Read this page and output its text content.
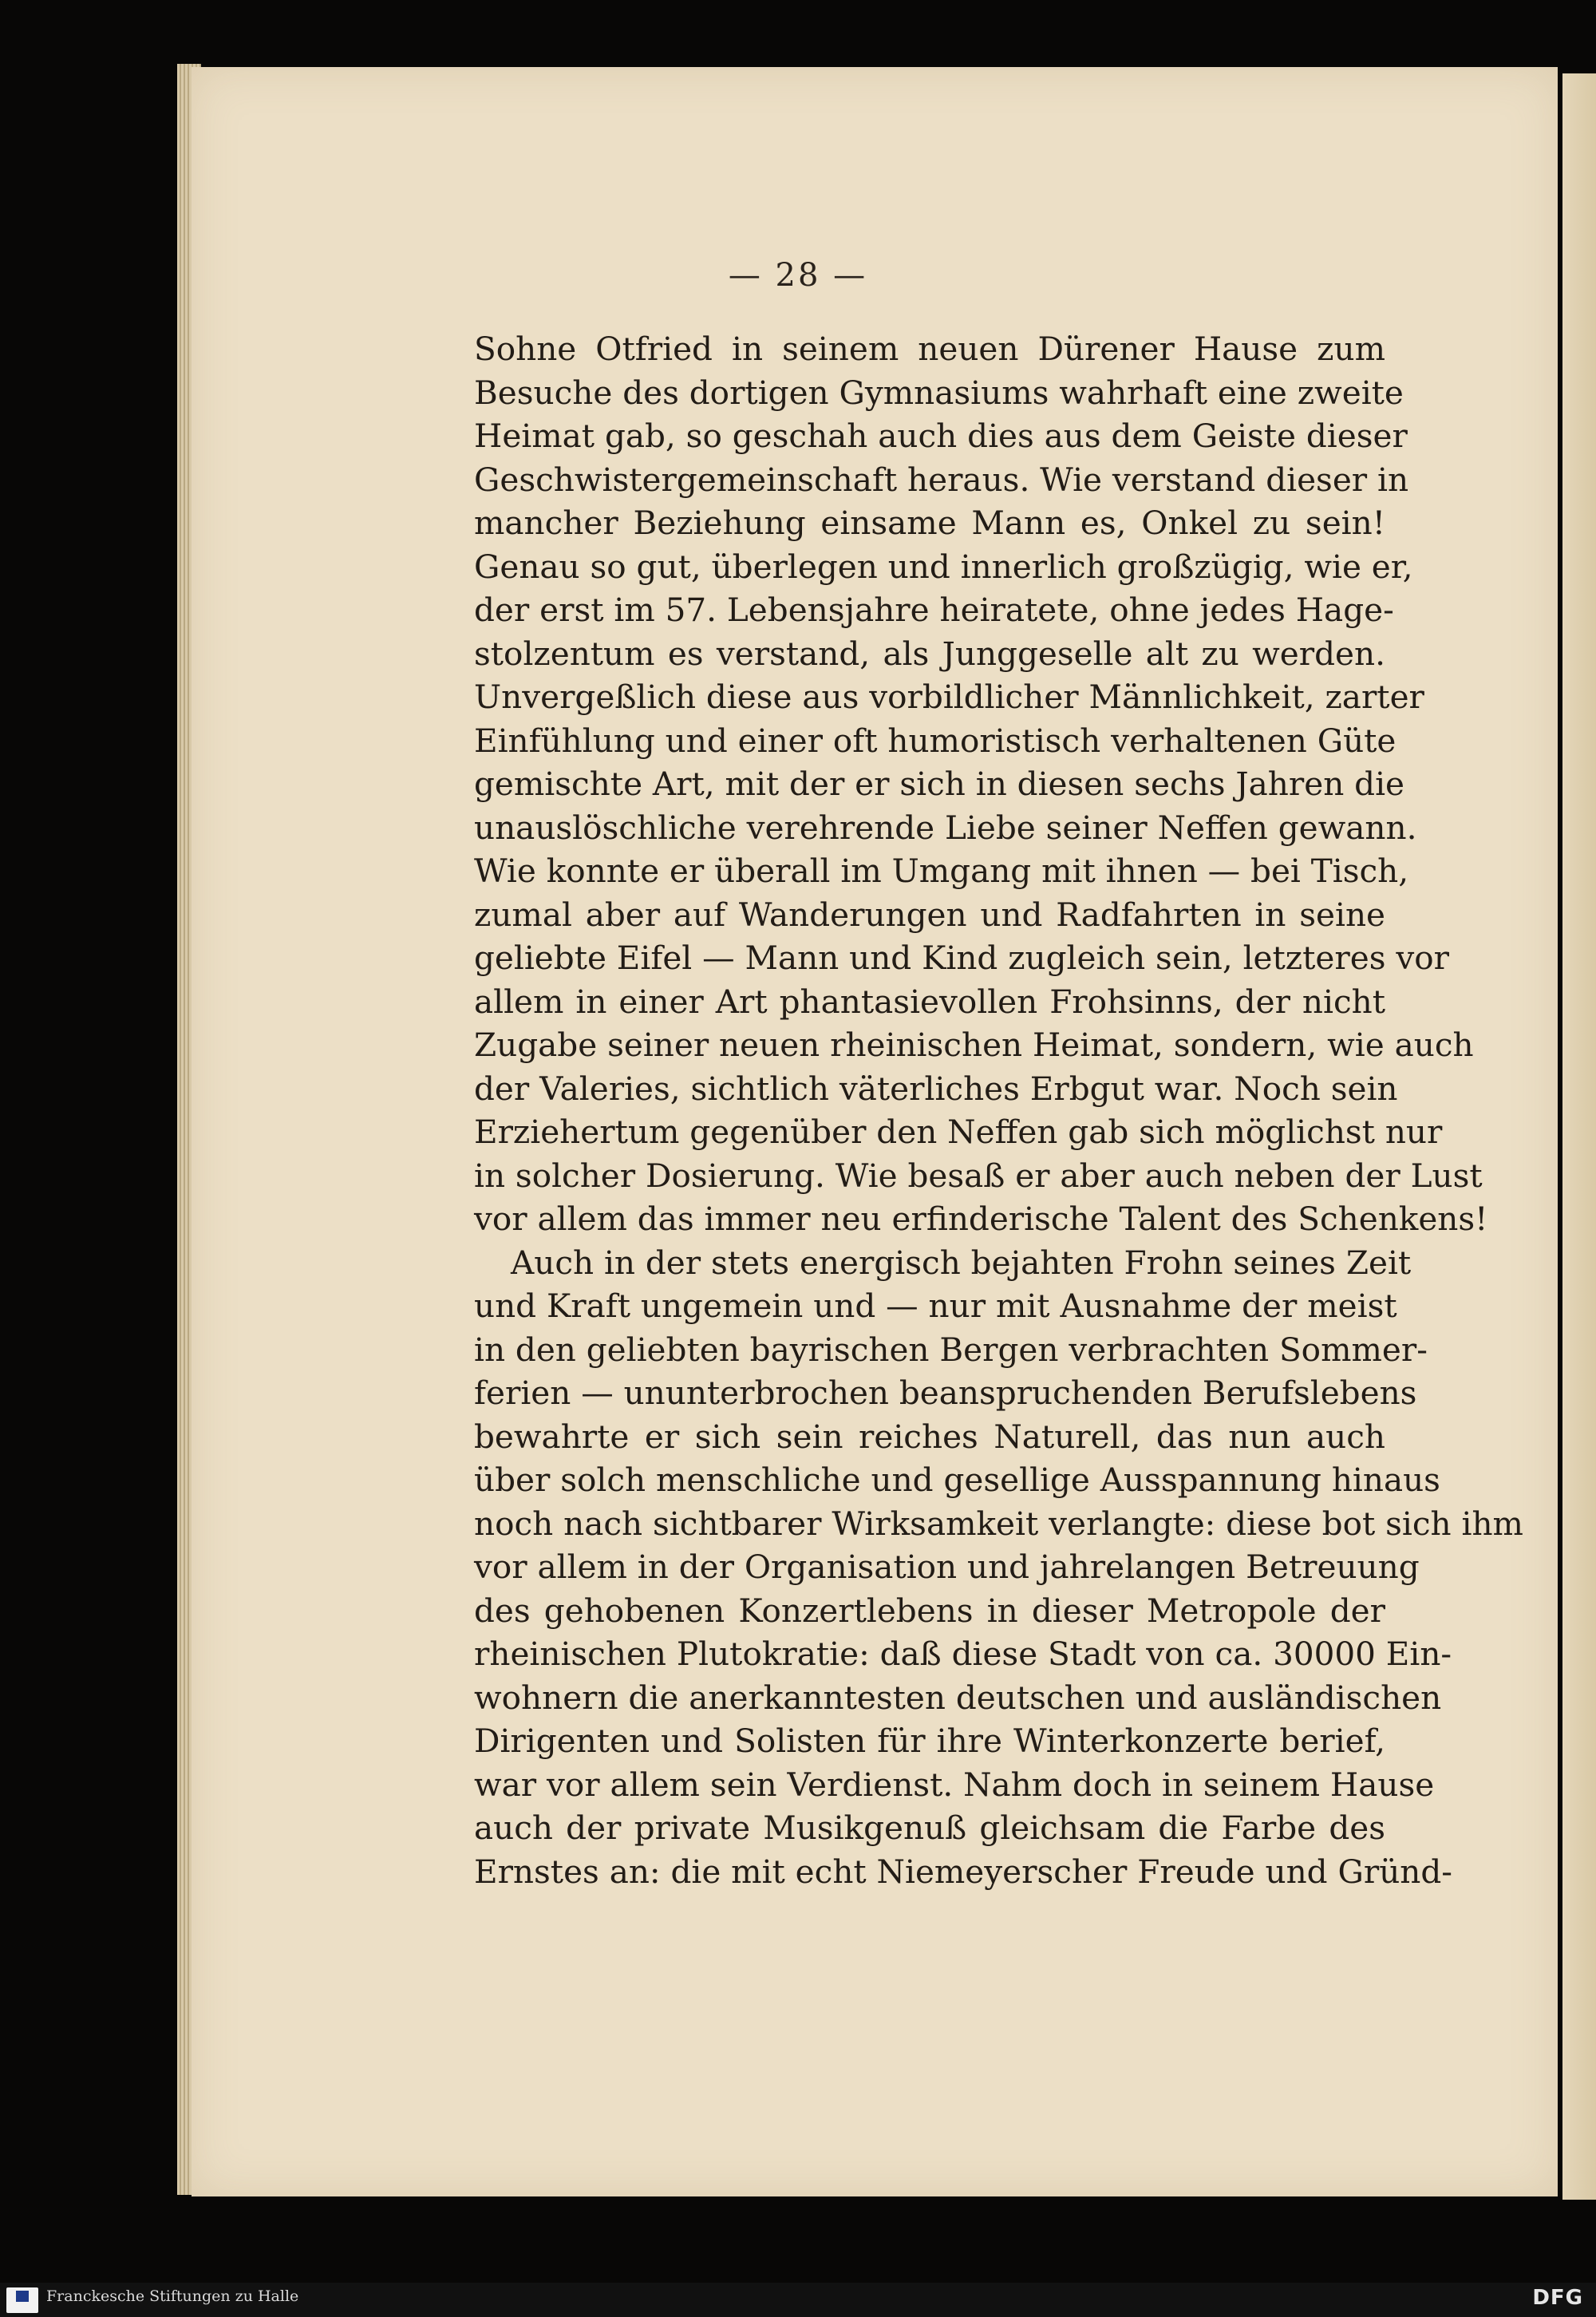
— 28 —
Sohne Otfried in seinem neuen Dürener Hause zum
Besuche des dortigen Gymnasiums wahrhaft eine zweite
Heimat gab, so geschah auch dies aus dem Geiste dieser
Geschwistergemeinschaft heraus. Wie verstand dieser in
mancher Beziehung einsame Mann es, Onkel zu sein!
Genau so gut, überlegen und innerlich großzügig, wie er,
der erst im 57. Lebensjahre heiratete, ohne jedes Hage-
stolzentum es verstand, als Junggeselle alt zu werden.
Unvergeßlich diese aus vorbildlicher Männlichkeit, zarter
Einfühlung und einer oft humoristisch verhaltenen Güte
gemischte Art, mit der er sich in diesen sechs Jahren die
unauslöschliche verehrende Liebe seiner Neffen gewann.
Wie konnte er überall im Umgang mit ihnen — bei Tisch,
zumal aber auf Wanderungen und Radfahrten in seine
geliebte Eifel — Mann und Kind zugleich sein, letzteres vor
allem in einer Art phantasievollen Frohsinns, der nicht
Zugabe seiner neuen rheinischen Heimat, sondern, wie auch
der Valeries, sichtlich väterliches Erbgut war. Noch sein
Erziehertum gegenüber den Neffen gab sich möglichst nur
in solcher Dosierung. Wie besaß er aber auch neben der Lust
vor allem das immer neu erfinderische Talent des Schenkens!
Auch in der stets energisch bejahten Frohn seines Zeit
und Kraft ungemein und — nur mit Ausnahme der meist
in den geliebten bayrischen Bergen verbrachten Sommer-
ferien — ununterbrochen beanspruchenden Berufslebens
bewahrte er sich sein reiches Naturell, das nun auch
über solch menschliche und gesellige Ausspannung hinaus
noch nach sichtbarer Wirksamkeit verlangte: diese bot sich ihm
vor allem in der Organisation und jahrelangen Betreuung
des gehobenen Konzertlebens in dieser Metropole der
rheinischen Plutokratie: daß diese Stadt von ca. 30000 Ein-
wohnern die anerkanntesten deutschen und ausländischen
Dirigenten und Solisten für ihre Winterkonzerte berief,
war vor allem sein Verdienst. Nahm doch in seinem Hause
auch der private Musikgenuß gleichsam die Farbe des
Ernstes an: die mit echt Niemeyerscher Freude und Gründ-
Franckesche Stiftungen zu Halle	DFG
